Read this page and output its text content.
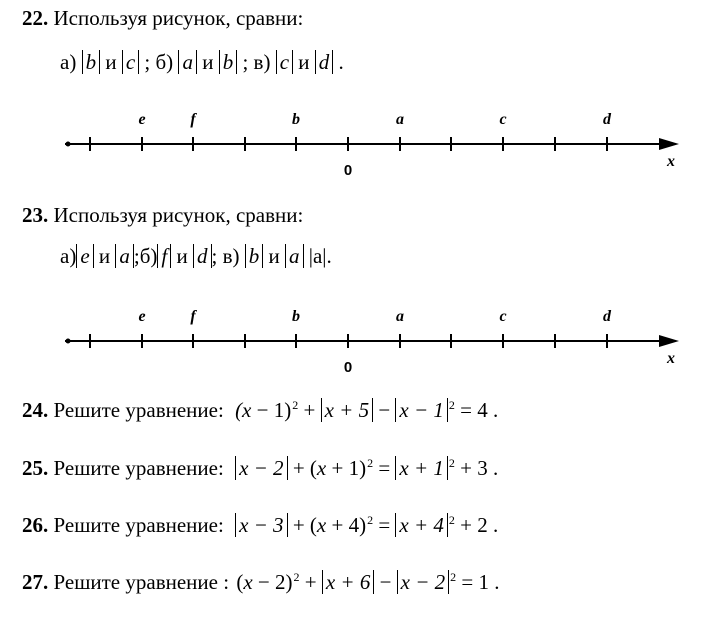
22. Используя рисунок, сравни:
а) b и c ; б) a и b ; в) c и d .
e	f	b	a	c	d
0
x
23. Используя рисунок, сравни:
а) e и a ;б) f и d ; в) b и a |a|.
e	f	b	a	c	d
0
x
24. Решите уравнение: $(x - 1)^2 + x + 5 - x - 1$ $^2$ = 4 .
25. Решите уравнение: $x - 2 + (x + 1)^2 = x + 1$ $^2$ + 3 .
26. Решите уравнение: $x - 3 + (x + 4)^2 = x + 4$ $^2$ + 2 .
27. Решите уравнение : $(x - 2)^2 + x + 6 - x - 2$ $^2$ = 1 .
